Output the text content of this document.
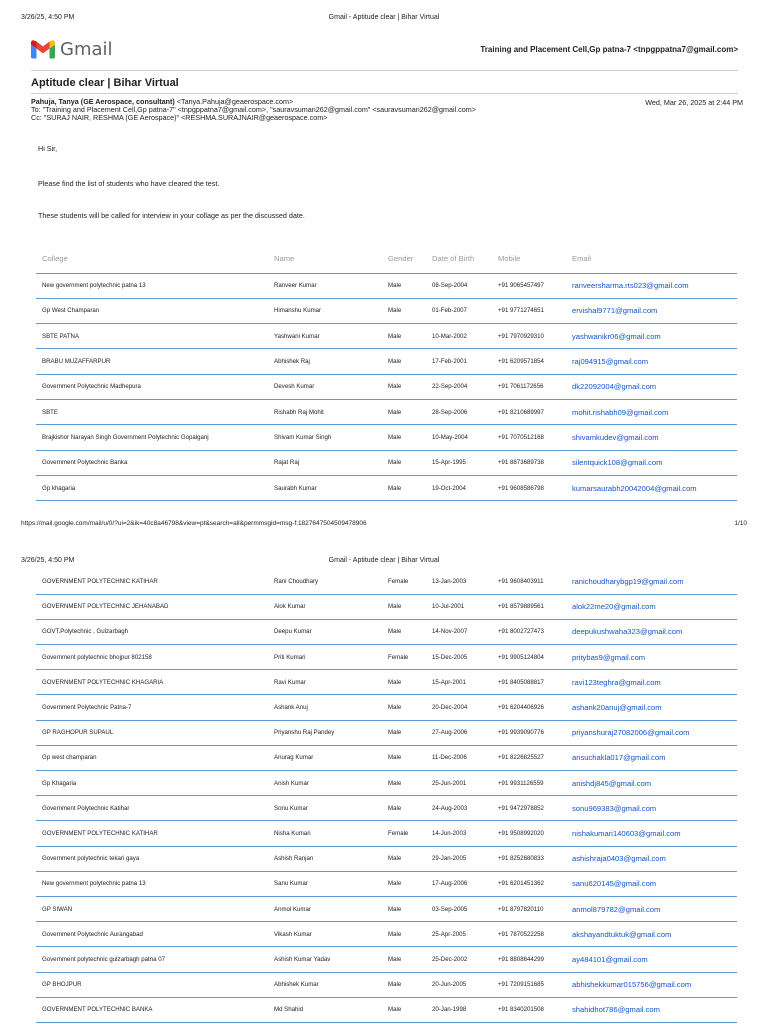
3/26/25, 4:50 PM	Gmail - Aptitude clear | Bihar Virtual
Gmail	Training and Placement Cell,Gp patna-7 <tnpgppatna7@gmail.com>
Aptitude clear | Bihar Virtual
Pahuja, Tanya (GE Aerospace, consultant) <Tanya.Pahuja@geaerospace.com>
To: "Training and Placement Cell,Gp patna-7" <tnpgppatna7@gmail.com>, "sauravsuman262@gmail.com" <sauravsuman262@gmail.com>
Cc: "SURAJ NAIR, RESHMA (GE Aerospace)" <RESHMA.SURAJNAIR@geaerospace.com>
Wed, Mar 26, 2025 at 2:44 PM
Hi Sir,
Please find the list of students who have cleared the test.
These students will be called for interview in your collage as per the discussed date.
College	Name	Gender	Date of Birth	Mobile	Email
New government polytechnic patna 13	Ranveer Kumar	Male	08-Sep-2004	+91 9065457497	ranveersharma.rts023@gmail.com
Gp West Champaran	Himanshu Kumar	Male	01-Feb-2007	+91 9771274651	ervishal9771@gmail.com
SBTE PATNA	Yashwani Kumar	Male	10-Mar-2002	+91 7970929310	yashwanikr06@gmail.com
BRABU MUZAFFARPUR	Abhishek Raj	Male	17-Feb-2001	+91 6209571854	raj094915@gmail.com
Government Polytechnic Madhepura	Devesh Kumar	Male	22-Sep-2004	+91 7061172656	dk22092004@gmail.com
SBTE	Rishabh Raj Mohit	Male	28-Sep-2006	+91 8210689997	mohit.rishabh09@gmail.com
Brajkishor Narayan Singh Government Polytechnic Gopalganj	Shivam Kumar Singh	Male	10-May-2004	+91 7070512168	shivamkudev@gmail.com
Government Polytechnic Banka	Rajat Raj	Male	15-Apr-1995	+91 8873689738	silentquick108@gmail.com
Gp khagaria	Saurabh Kumar	Male	19-Oct-2004	+91 9608586798	kumarsaurabh20042004@gmail.com
https://mail.google.com/mail/u/0/?ui=2&ik=40c8a46798&view=pt&search=all&permmsgid=msg-f:1827647504509478906	1/10
3/26/25, 4:50 PM	Gmail - Aptitude clear | Bihar Virtual
GOVERNMENT POLYTECHNIC KATIHAR	Rani Choudhary	Female	13-Jan-2003	+91 9608403911	ranichoudharybgp19@gmail.com
GOVERNMENT POLYTECHNIC JEHANABAD	Alok Kumar	Male	10-Jul-2001	+91 8579889561	alok22me20@gmail.com
GOVT.Polytechnic , Gulzarbagh	Deepu Kumar	Male	14-Nov-2007	+91 8002727473	deepukushwaha323@gmail.com
Government polytechnic bhojpur 802158	Priti Kumari	Female	15-Dec-2005	+91 9905124804	pritybas9@gmail.com
GOVERNMENT POLYTECHNIC KHAGARIA	Ravi Kumar	Male	15-Apr-2001	+91 8405088817	ravi123teghra@gmail.com
Government Polytechnic Patna-7	Ashank Anuj	Male	20-Dec-2004	+91 6204406926	ashank20anuj@gmail.com
GP RAGHOPUR SUPAUL	Priyanshu Raj Pandey	Male	27-Aug-2006	+91 9939090776	priyanshuraj27082006@gmail.com
Gp west champaran	Anurag Kumar	Male	11-Dec-2006	+91 8226825527	ansuchakla017@gmail.com
Gp Khagaria	Anish Kumar	Male	25-Jun-2001	+91 9931126559	anishdj845@gmail.com
Government Polytechnic Katihar	Sonu Kumar	Male	24-Aug-2003	+91 9472978852	sonu969383@gmail.com
GOVERNMENT POLYTECHNIC KATIHAR	Nisha Kumari	Female	14-Jun-2003	+91 9508992020	nishakumari140603@gmail.com
Government polytechnic tekari gaya	Ashish Ranjan	Male	29-Jan-2005	+91 8252680833	ashishraja0403@gmail.com
New government polytechnic patna 13	Sanu Kumar	Male	17-Aug-2006	+91 6201451362	sanu620145@gmail.com
GP SIWAN	Anmol Kumar	Male	03-Sep-2005	+91 8797820110	anmol879782@gmail.com
Government Polytechnic Aurangabad	Vikash Kumar	Male	25-Apr-2005	+91 7870522258	akshayandtuktuk@gmail.com
Government polytechnic gulzarbagh patna 07	Ashish Kumar Yadav	Male	25-Dec-2002	+91 8808644299	ay484101@gmail.com
GP BHOJPUR	Abhishek Kumar	Male	20-Jun-2005	+91 7209151685	abhishekkumar015756@gmail.com
GOVERNMENT POLYTECHNIC BANKA	Md Shahid	Male	20-Jan-1998	+91 8340201508	shahidhot786@gmail.com
